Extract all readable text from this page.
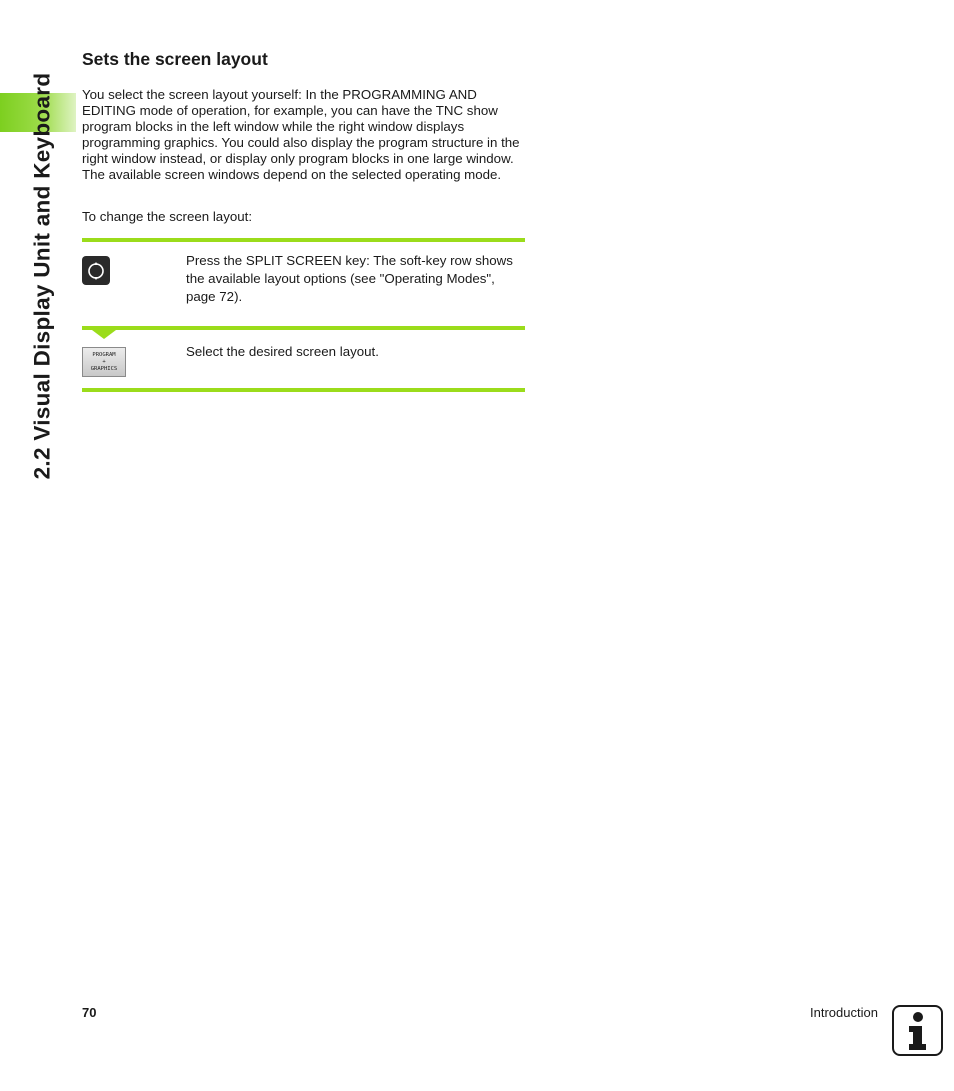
2.2 Visual Display Unit and Keyboard
Sets the screen layout

You select the screen layout yourself: In the PROGRAMMING AND EDITING mode of operation, for example, you can have the TNC show program blocks in the left window while the right window displays programming graphics. You could also display the program structure in the right window instead, or display only program blocks in one large window. The available screen windows depend on the selected operating mode.

To change the screen layout:

Press the SPLIT SCREEN key: The soft-key row shows the available layout options (see "Operating Modes", page 72).

PROGRAM
+
GRAPHICS

Select the desired screen layout.

70	Introduction
